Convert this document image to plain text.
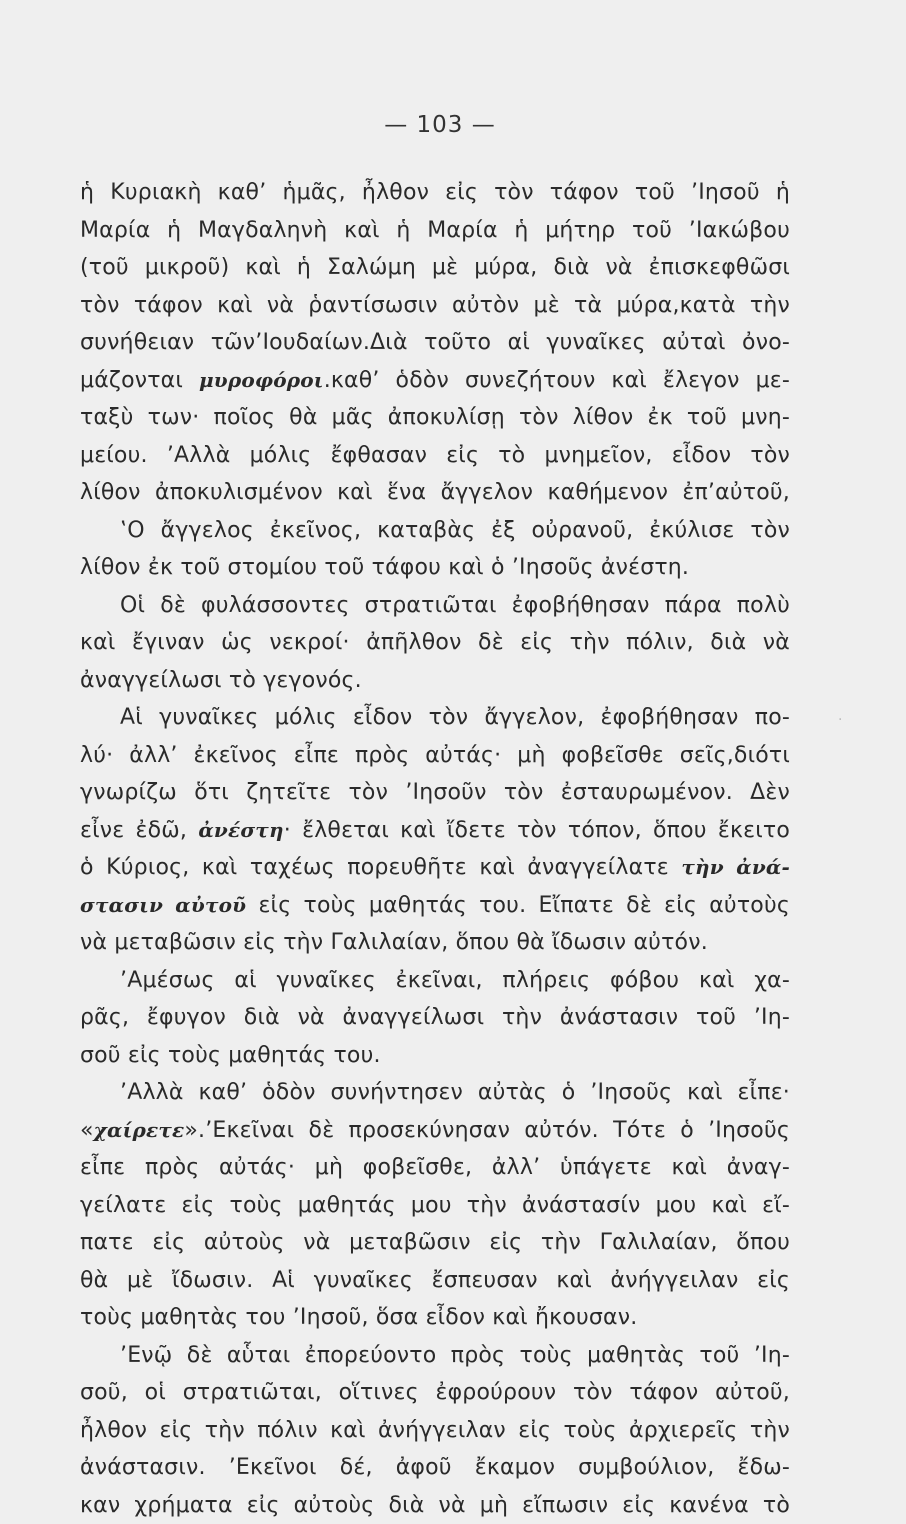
— 103 —
ἡ Κυριακὴ καθ’ ἡμᾶς, ἦλθον εἰς τὸν τάφον τοῦ ’Ιησοῦ ἡ
Μαρία ἡ Μαγδαληνὴ καὶ ἡ Μαρία ἡ μήτηρ τοῦ ’Ιακώβου
(τοῦ μικροῦ) καὶ ἡ Σαλώμη μὲ μύρα, διὰ νὰ ἐπισκεφθῶσι
τὸν τάφον καὶ νὰ ῥαντίσωσιν αὐτὸν μὲ τὰ μύρα,κατὰ τὴν
συνήθειαν τῶν’Ιουδαίων.Διὰ τοῦτο αἱ γυναῖκες αὐταὶ ὀνο-
μάζονται μυροφόροι.καθ’ ὁδὸν συνεζήτουν καὶ ἔλεγον με-
ταξὺ των· ποῖος θὰ μᾶς ἀποκυλίσῃ τὸν λίθον ἐκ τοῦ μνη-
μείου. ’Αλλὰ μόλις ἔφθασαν εἰς τὸ μνημεῖον, εἶδον τὸν
λίθον ἀποκυλισμένον καὶ ἕνα ἄγγελον καθήμενον ἐπ’αὐτοῦ,
‛Ο ἄγγελος ἐκεῖνος, καταβὰς ἐξ οὐρανοῦ, ἐκύλισε τὸν
λίθον ἐκ τοῦ στομίου τοῦ τάφου καὶ ὁ ’Ιησοῦς ἀνέστη.
Οἱ δὲ φυλάσσοντες στρατιῶται ἐφοβήθησαν πάρα πολὺ
καὶ ἔγιναν ὡς νεκροί· ἀπῆλθον δὲ εἰς τὴν πόλιν, διὰ νὰ
ἀναγγείλωσι τὸ γεγονός.
Αἱ γυναῖκες μόλις εἶδον τὸν ἄγγελον, ἐφοβήθησαν πο-
λύ· ἀλλ’ ἐκεῖνος εἶπε πρὸς αὐτάς· μὴ φοβεῖσθε σεῖς,διότι
γνωρίζω ὅτι ζητεῖτε τὸν ’Ιησοῦν τὸν ἐσταυρωμένον. Δὲν
εἶνε ἐδῶ, ἀνέστη· ἔλθεται καὶ ἴδετε τὸν τόπον, ὅπου ἔκειτο
ὁ Κύριος, καὶ ταχέως πορευθῆτε καὶ ἀναγγείλατε τὴν ἀνά-
στασιν αὐτοῦ εἰς τοὺς μαθητάς του. Εἴπατε δὲ εἰς αὐτοὺς
νὰ μεταβῶσιν εἰς τὴν Γαλιλαίαν, ὅπου θὰ ἴδωσιν αὐτόν.
’Αμέσως αἱ γυναῖκες ἐκεῖναι, πλήρεις φόβου καὶ χα-
ρᾶς, ἔφυγον διὰ νὰ ἀναγγείλωσι τὴν ἀνάστασιν τοῦ ’Ιη-
σοῦ εἰς τοὺς μαθητάς του.
’Αλλὰ καθ’ ὁδὸν συνήντησεν αὐτὰς ὁ ’Ιησοῦς καὶ εἶπε·
«χαίρετε».’Εκεῖναι δὲ προσεκύνησαν αὐτόν. Τότε ὁ ’Ιησοῦς
εἶπε πρὸς αὐτάς· μὴ φοβεῖσθε, ἀλλ’ ὑπάγετε καὶ ἀναγ-
γείλατε εἰς τοὺς μαθητάς μου τὴν ἀνάστασίν μου καὶ εἴ-
πατε εἰς αὐτοὺς νὰ μεταβῶσιν εἰς τὴν Γαλιλαίαν, ὅπου
θὰ μὲ ἴδωσιν. Αἱ γυναῖκες ἔσπευσαν καὶ ἀνήγγειλαν εἰς
τοὺς μαθητὰς του ’Ιησοῦ, ὅσα εἶδον καὶ ἤκουσαν.
’Ενῷ δὲ αὗται ἐπορεύοντο πρὸς τοὺς μαθητὰς τοῦ ’Ιη-
σοῦ, οἱ στρατιῶται, οἵτινες ἐφρούρουν τὸν τάφον αὐτοῦ,
ἦλθον εἰς τὴν πόλιν καὶ ἀνήγγειλαν εἰς τοὺς ἀρχιερεῖς τὴν
ἀνάστασιν. ’Εκεῖνοι δέ, ἀφοῦ ἔκαμον συμβούλιον, ἔδω-
καν χρήματα εἰς αὐτοὺς διὰ νὰ μὴ εἴπωσιν εἰς κανένα τὸ
·
